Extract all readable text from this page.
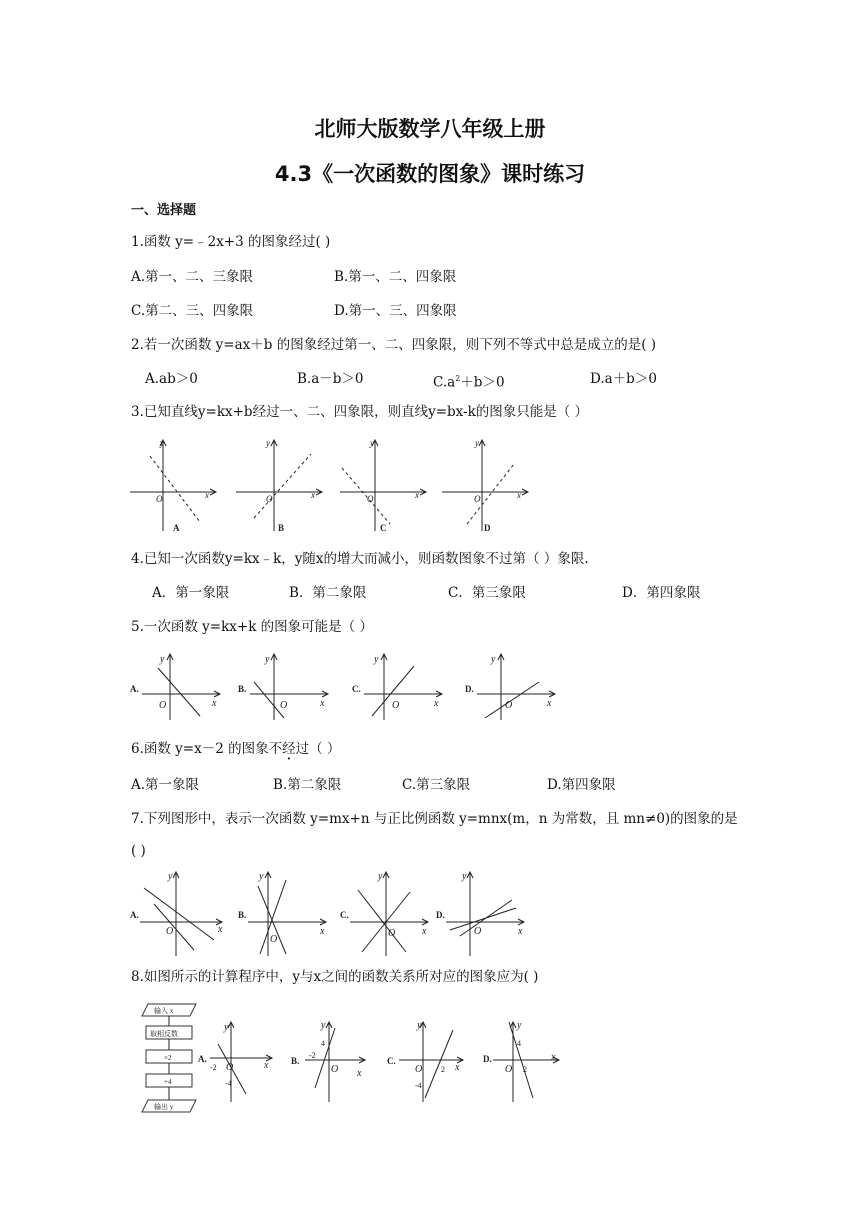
北师大版数学八年级上册
4.3《一次函数的图象》课时练习
一、选择题
1.函数 y=﹣2x+3 的图象经过( )
A.第一、二、三象限	B.第一、二、四象限
C.第二、三、四象限	D.第一、三、四象限
2.若一次函数 y=ax＋b 的图象经过第一、二、四象限，则下列不等式中总是成立的是( )
A.ab＞0	B.a－b＞0	$C.a^2+b>0$	D.a＋b＞0
3.已知直线y=kx+b经过一、二、四象限，则直线y=bx-k的图象只能是（ ）
y
x
O
A
y
x
O
B
y
x
O
C
y
x
O
D
4.已知一次函数y=kx﹣k，y随x的增大而减小，则函数图象不过第（ ）象限.
A．第一象限	B．第二象限	C．第三象限	D．第四象限
5.一次函数 y=kx+k 的图象可能是（ ）
A.
y
x
O
B.
y
x
O
C.
y
x
O
D.
y
x
O
6.函数 y=x－2 的图象不经过（ ）
A.第一象限	B.第二象限	C.第三象限	D.第四象限
7.下列图形中，表示一次函数 y=mx+n 与正比例函数 y=mnx(m，n 为常数，且 mn≠0)的图象的是
( )
A.
y
x
O
B.
y
x
O
C.
y
x
O
D.
y
x
O
8.如图所示的计算程序中，y与x之间的函数关系所对应的图象应为( )
输入 x
取相反数
×2
+4
输出 y
A.
y
x
-2 O
-4
B.
y
x
4
-2
O
C.
y
x
O 2
-4
D.
y
x
4
O 2
